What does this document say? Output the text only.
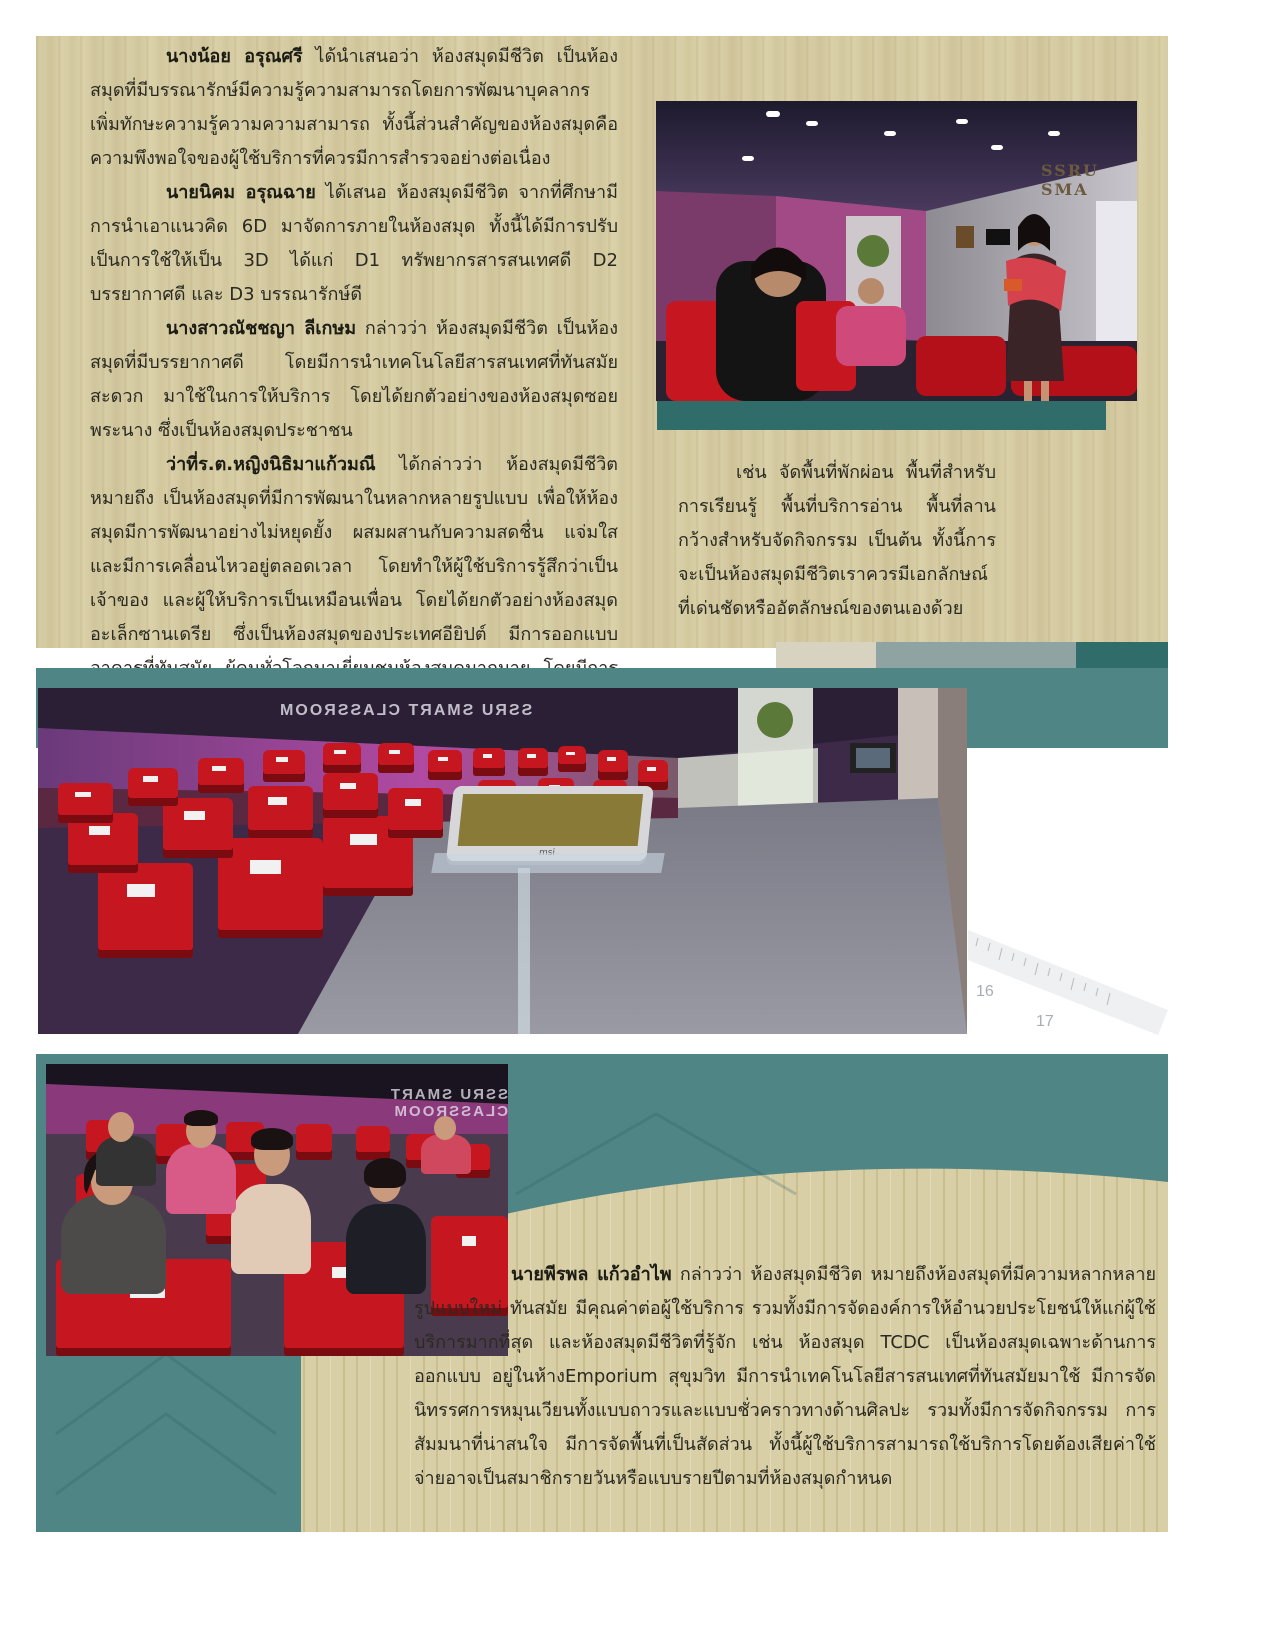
นางน้อย อรุณศรี ได้นำเสนอว่า ห้องสมุดมีชีวิต เป็นห้องสมุดที่มีบรรณารักษ์มีความรู้ความสามารถโดยการพัฒนาบุคลากรเพิ่มทักษะความรู้ความความสามารถ ทั้งนี้ส่วนสำคัญของห้องสมุดคือ ความพึงพอใจของผู้ใช้บริการที่ควรมีการสำรวจอย่างต่อเนื่อง

นายนิคม อรุณฉาย ได้เสนอ ห้องสมุดมีชีวิต จากที่ศึกษามีการนำเอาแนวคิด 6D มาจัดการภายในห้องสมุด ทั้งนี้ได้มีการปรับเป็นการใช้ให้เป็น 3D ได้แก่ D1 ทรัพยากรสารสนเทศดี D2 บรรยากาศดี และ D3 บรรณารักษ์ดี

นางสาวณัชชญา ลีเกษม กล่าวว่า ห้องสมุดมีชีวิต เป็นห้องสมุดที่มีบรรยากาศดี โดยมีการนำเทคโนโลยีสารสนเทศที่ทันสมัย สะดวก มาใช้ในการให้บริการ โดยได้ยกตัวอย่างของห้องสมุดซอยพระนาง ซึ่งเป็นห้องสมุดประชาชน

ว่าที่ร.ต.หญิงนิธิมาแก้วมณี ได้กล่าวว่า ห้องสมุดมีชีวิต หมายถึง เป็นห้องสมุดที่มีการพัฒนาในหลากหลายรูปแบบ เพื่อให้ห้องสมุดมีการพัฒนาอย่างไม่หยุดยั้ง ผสมผสานกับความสดชื่น แจ่มใสและมีการเคลื่อนไหวอยู่ตลอดเวลา โดยทำให้ผู้ใช้บริการรู้สึกว่าเป็นเจ้าของ และผู้ให้บริการเป็นเหมือนเพื่อน โดยได้ยกตัวอย่างห้องสมุดอะเล็กซานเดรีย ซึ่งเป็นห้องสมุดของประเทศอียิปต์ มีการออกแบบ

SSRU SMA

เช่น จัดพื้นที่พักผ่อน พื้นที่สำหรับการเรียนรู้ พื้นที่บริการอ่าน พื้นที่ลานกว้างสำหรับจัดกิจกรรม เป็นต้น ทั้งนี้การจะเป็นห้องสมุดมีชีวิตเราควรมีเอกลักษณ์ที่เด่นชัดหรืออัตลักษณ์ของตนเองด้วย

16
17
SSRU SMART CLASSROOM
SSRU SMART CLASSROOM

นายพีรพล แก้วอำไพ กล่าวว่า ห้องสมุดมีชีวิต หมายถึงห้องสมุดที่มีความหลากหลายรูปแบบใหม่ ทันสมัย มีคุณค่าต่อผู้ใช้บริการ รวมทั้งมีการจัดองค์การให้อำนวยประโยชน์ให้แก่ผู้ใช้บริการมากที่สุด และห้องสมุดมีชีวิตที่รู้จัก เช่น ห้องสมุด TCDC เป็นห้องสมุดเฉพาะด้านการออกแบบ อยู่ในห้างEmporium สุขุมวิท มีการนำเทคโนโลยีสารสนเทศที่ทันสมัยมาใช้ มีการจัดนิทรรศการหมุนเวียนทั้งแบบถาวรและแบบชั่วคราวทางด้านศิลปะ รวมทั้งมีการจัดกิจกรรม การสัมมนาที่น่าสนใจ มีการจัดพื้นที่เป็นสัดส่วน ทั้งนี้ผู้ใช้บริการสามารถใช้บริการโดยต้องเสียค่าใช้จ่ายอาจเป็นสมาชิกรายวันหรือแบบรายปีตามที่ห้องสมุดกำหนด
